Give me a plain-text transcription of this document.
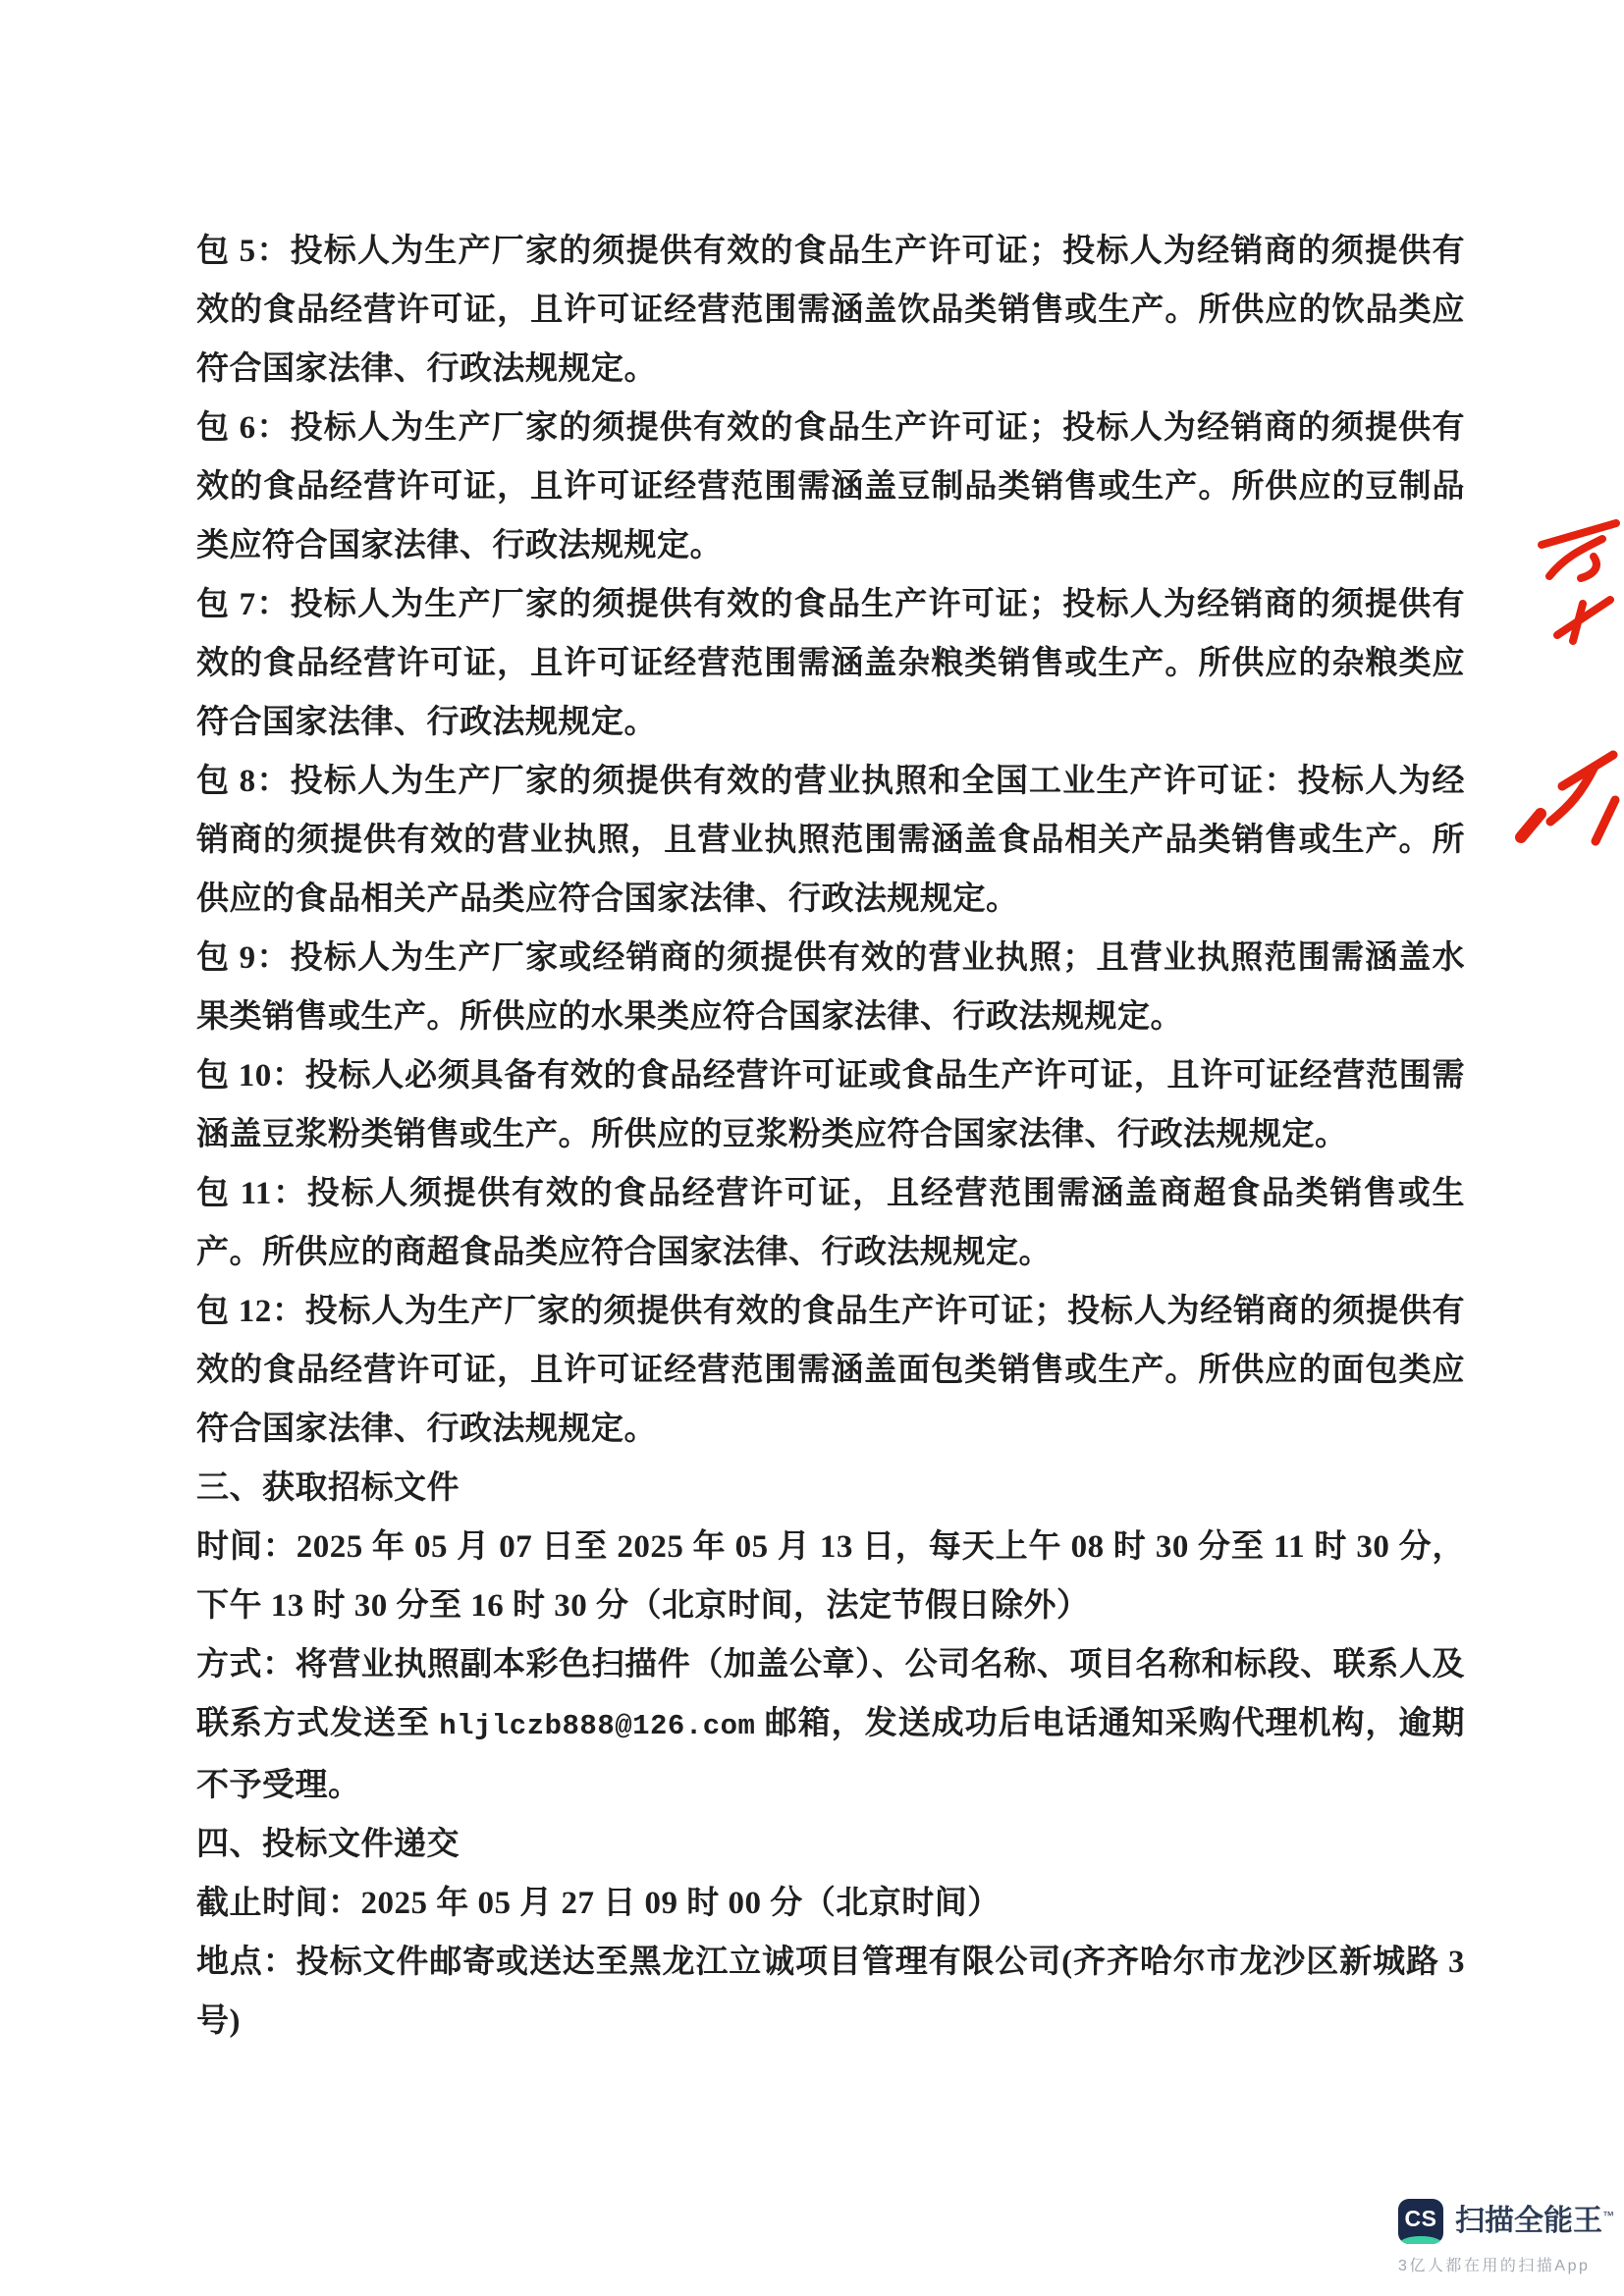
包 5：投标人为生产厂家的须提供有效的食品生产许可证；投标人为经销商的须提供有效的食品经营许可证，且许可证经营范围需涵盖饮品类销售或生产。所供应的饮品类应符合国家法律、行政法规规定。

包 6：投标人为生产厂家的须提供有效的食品生产许可证；投标人为经销商的须提供有效的食品经营许可证，且许可证经营范围需涵盖豆制品类销售或生产。所供应的豆制品类应符合国家法律、行政法规规定。

包 7：投标人为生产厂家的须提供有效的食品生产许可证；投标人为经销商的须提供有效的食品经营许可证，且许可证经营范围需涵盖杂粮类销售或生产。所供应的杂粮类应符合国家法律、行政法规规定。

包 8：投标人为生产厂家的须提供有效的营业执照和全国工业生产许可证：投标人为经销商的须提供有效的营业执照，且营业执照范围需涵盖食品相关产品类销售或生产。所供应的食品相关产品类应符合国家法律、行政法规规定。

包 9：投标人为生产厂家或经销商的须提供有效的营业执照；且营业执照范围需涵盖水果类销售或生产。所供应的水果类应符合国家法律、行政法规规定。

包 10：投标人必须具备有效的食品经营许可证或食品生产许可证，且许可证经营范围需涵盖豆浆粉类销售或生产。所供应的豆浆粉类应符合国家法律、行政法规规定。

包 11：投标人须提供有效的食品经营许可证，且经营范围需涵盖商超食品类销售或生产。所供应的商超食品类应符合国家法律、行政法规规定。

包 12：投标人为生产厂家的须提供有效的食品生产许可证；投标人为经销商的须提供有效的食品经营许可证，且许可证经营范围需涵盖面包类销售或生产。所供应的面包类应符合国家法律、行政法规规定。

三、获取招标文件

时间：2025 年 05 月 07 日至 2025 年 05 月 13 日，每天上午 08 时 30 分至 11 时 30 分，下午 13 时 30 分至 16 时 30 分（北京时间，法定节假日除外）

方式：将营业执照副本彩色扫描件（加盖公章）、公司名称、项目名称和标段、联系人及联系方式发送至 hljlczb888@126.com 邮箱，发送成功后电话通知采购代理机构，逾期不予受理。

四、投标文件递交

截止时间：2025 年 05 月 27 日 09 时 00 分（北京时间）

地点：投标文件邮寄或送达至黑龙江立诚项目管理有限公司(齐齐哈尔市龙沙区新城路 3 号)

CS 扫描全能王™
3亿人都在用的扫描App
